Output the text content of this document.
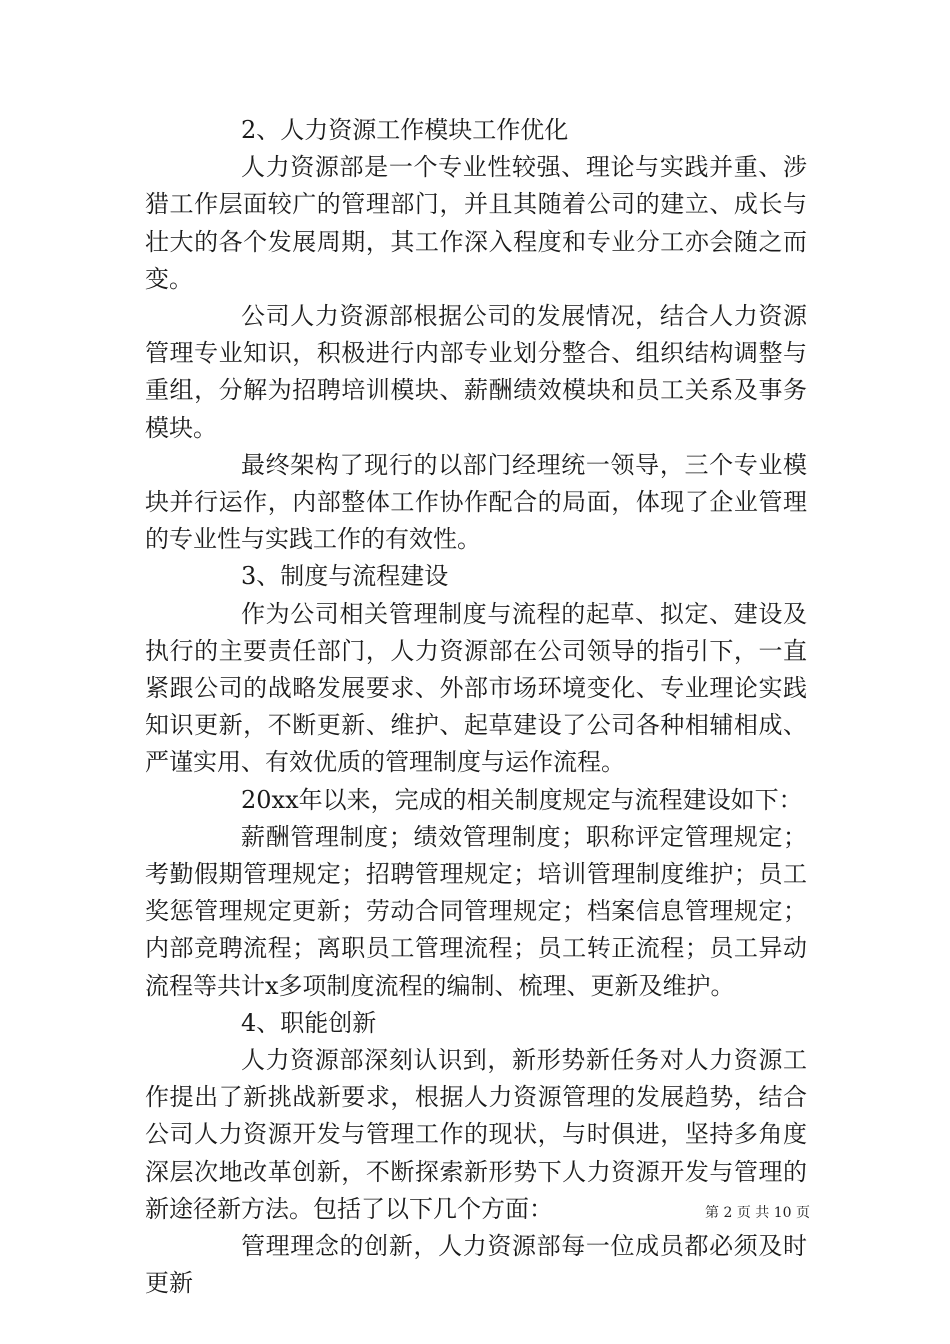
2、人力资源工作模块工作优化

人力资源部是一个专业性较强、理论与实践并重、涉猎工作层面较广的管理部门，并且其随着公司的建立、成长与壮大的各个发展周期，其工作深入程度和专业分工亦会随之而变。

公司人力资源部根据公司的发展情况，结合人力资源管理专业知识，积极进行内部专业划分整合、组织结构调整与重组，分解为招聘培训模块、薪酬绩效模块和员工关系及事务模块。

最终架构了现行的以部门经理统一领导，三个专业模块并行运作，内部整体工作协作配合的局面，体现了企业管理的专业性与实践工作的有效性。

3、制度与流程建设

作为公司相关管理制度与流程的起草、拟定、建设及执行的主要责任部门，人力资源部在公司领导的指引下，一直紧跟公司的战略发展要求、外部市场环境变化、专业理论实践知识更新，不断更新、维护、起草建设了公司各种相辅相成、严谨实用、有效优质的管理制度与运作流程。

20xx年以来，完成的相关制度规定与流程建设如下：

薪酬管理制度；绩效管理制度；职称评定管理规定；考勤假期管理规定；招聘管理规定；培训管理制度维护；员工奖惩管理规定更新；劳动合同管理规定；档案信息管理规定；内部竞聘流程；离职员工管理流程；员工转正流程；员工异动流程等共计x多项制度流程的编制、梳理、更新及维护。

4、职能创新

人力资源部深刻认识到，新形势新任务对人力资源工作提出了新挑战新要求，根据人力资源管理的发展趋势，结合公司人力资源开发与管理工作的现状，与时俱进，坚持多角度深层次地改革创新，不断探索新形势下人力资源开发与管理的新途径新方法。包括了以下几个方面：

管理理念的创新，人力资源部每一位成员都必须及时更新

第 2 页 共 10 页
